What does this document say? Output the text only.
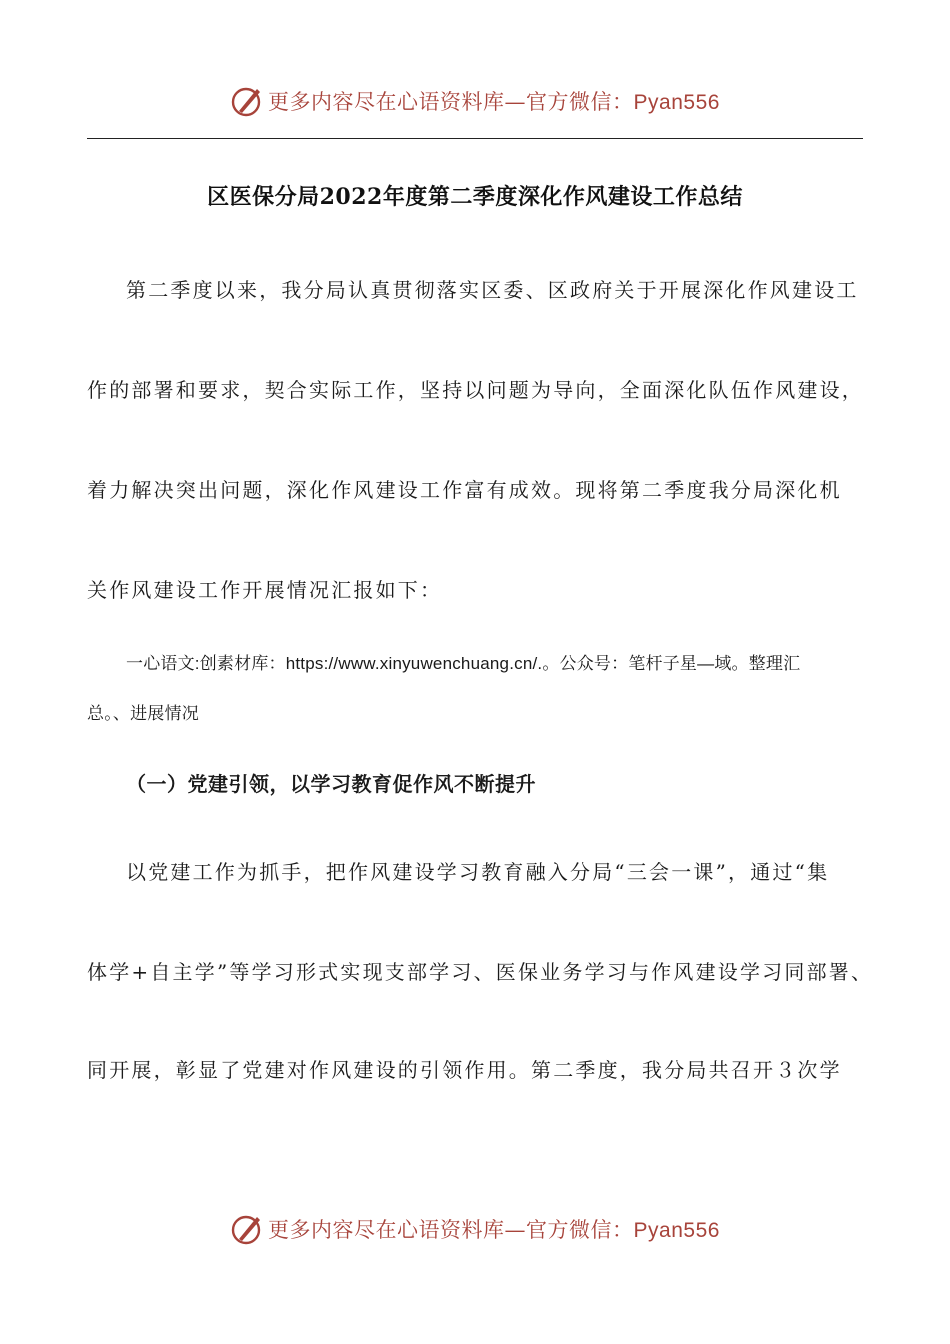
更多内容尽在心语资料库—官方微信：Pyan556
区医保分局2022年度第二季度深化作风建设工作总结
第二季度以来，我分局认真贯彻落实区委、区政府关于开展深化作风建设工
作的部署和要求，契合实际工作，坚持以问题为导向，全面深化队伍作风建设，
着力解决突出问题，深化作风建设工作富有成效。现将第二季度我分局深化机
关作风建设工作开展情况汇报如下：
一心语文:创素材库：https://www.xinyuwenchuang.cn/.。公众号：笔杆子星—域。整理汇
总。、进展情况
（一）党建引领，以学习教育促作风不断提升
以党建工作为抓手，把作风建设学习教育融入分局“三会一课”，通过“集
体学+自主学”等学习形式实现支部学习、医保业务学习与作风建设学习同部署、
同开展，彰显了党建对作风建设的引领作用。第二季度，我分局共召开３次学
更多内容尽在心语资料库—官方微信：Pyan556
